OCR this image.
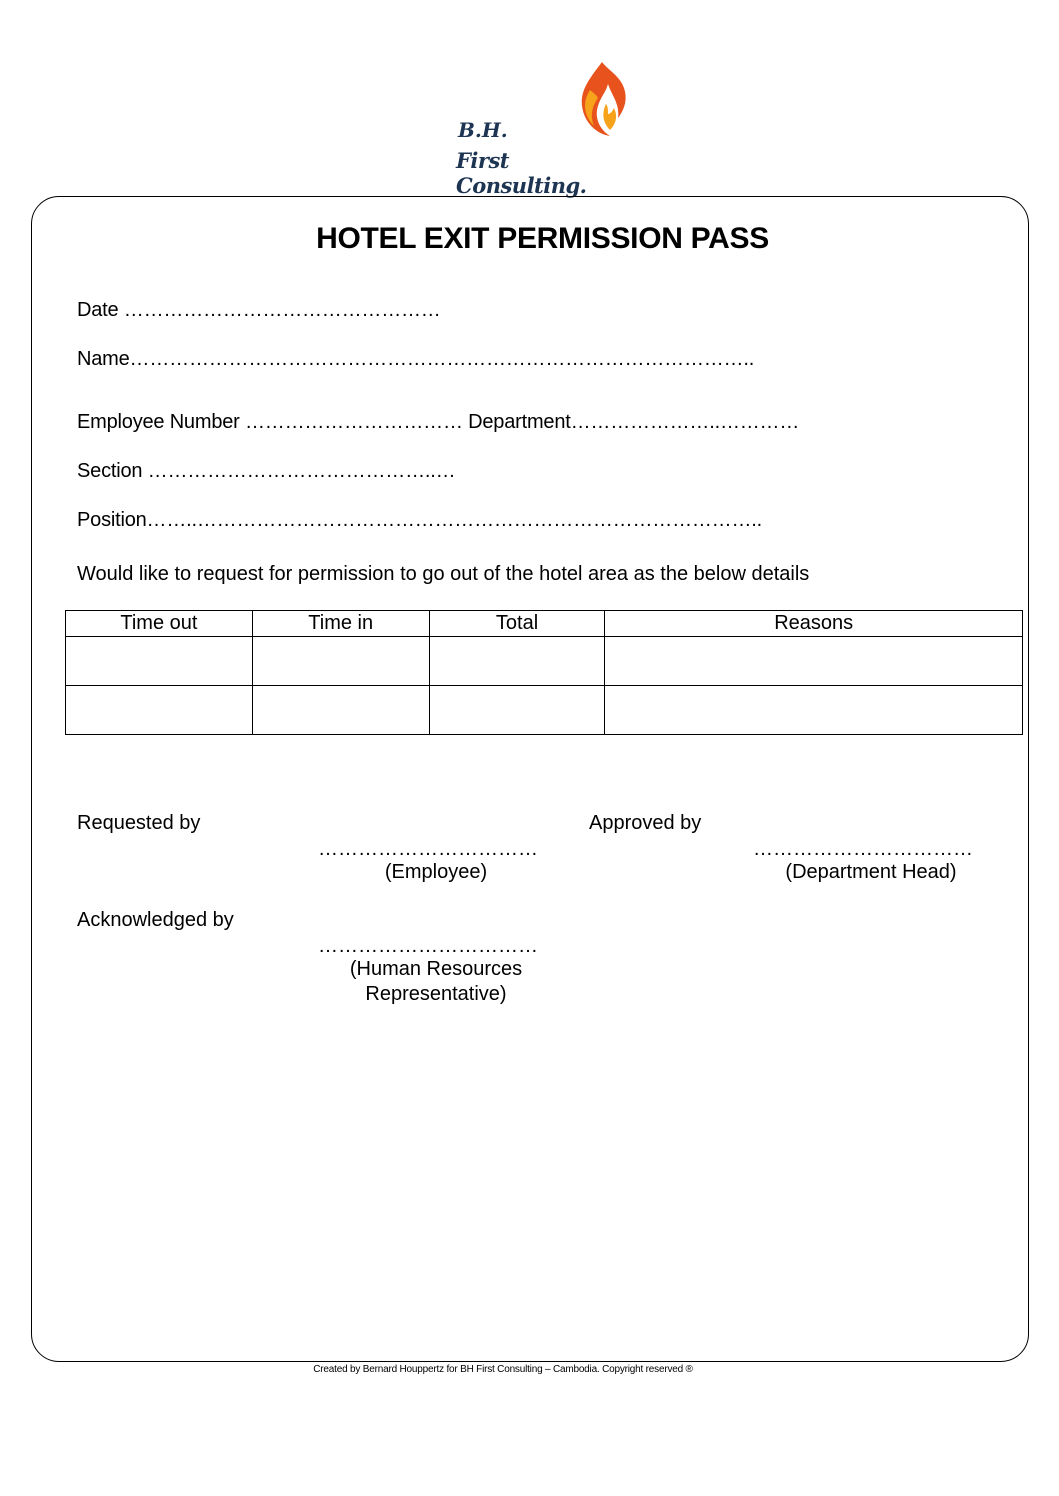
B.H.
First Consulting.
HOTEL EXIT PERMISSION PASS
Date …………………………………………
Name…………………………………………………………………………………..
Employee Number …………………………… Department…………………..…………
Section ……………………………………..…
Position……..…………………………………………………………………………..
Would like to request for permission to go out of the hotel area as the below details
Time out	Time in	Total	Reasons

Requested by
……………………………
(Employee)
Approved by
……………………………
(Department Head)
Acknowledged by
……………………………
(Human Resources
Representative)
Created by Bernard Houppertz for BH First Consulting – Cambodia. Copyright reserved ®
